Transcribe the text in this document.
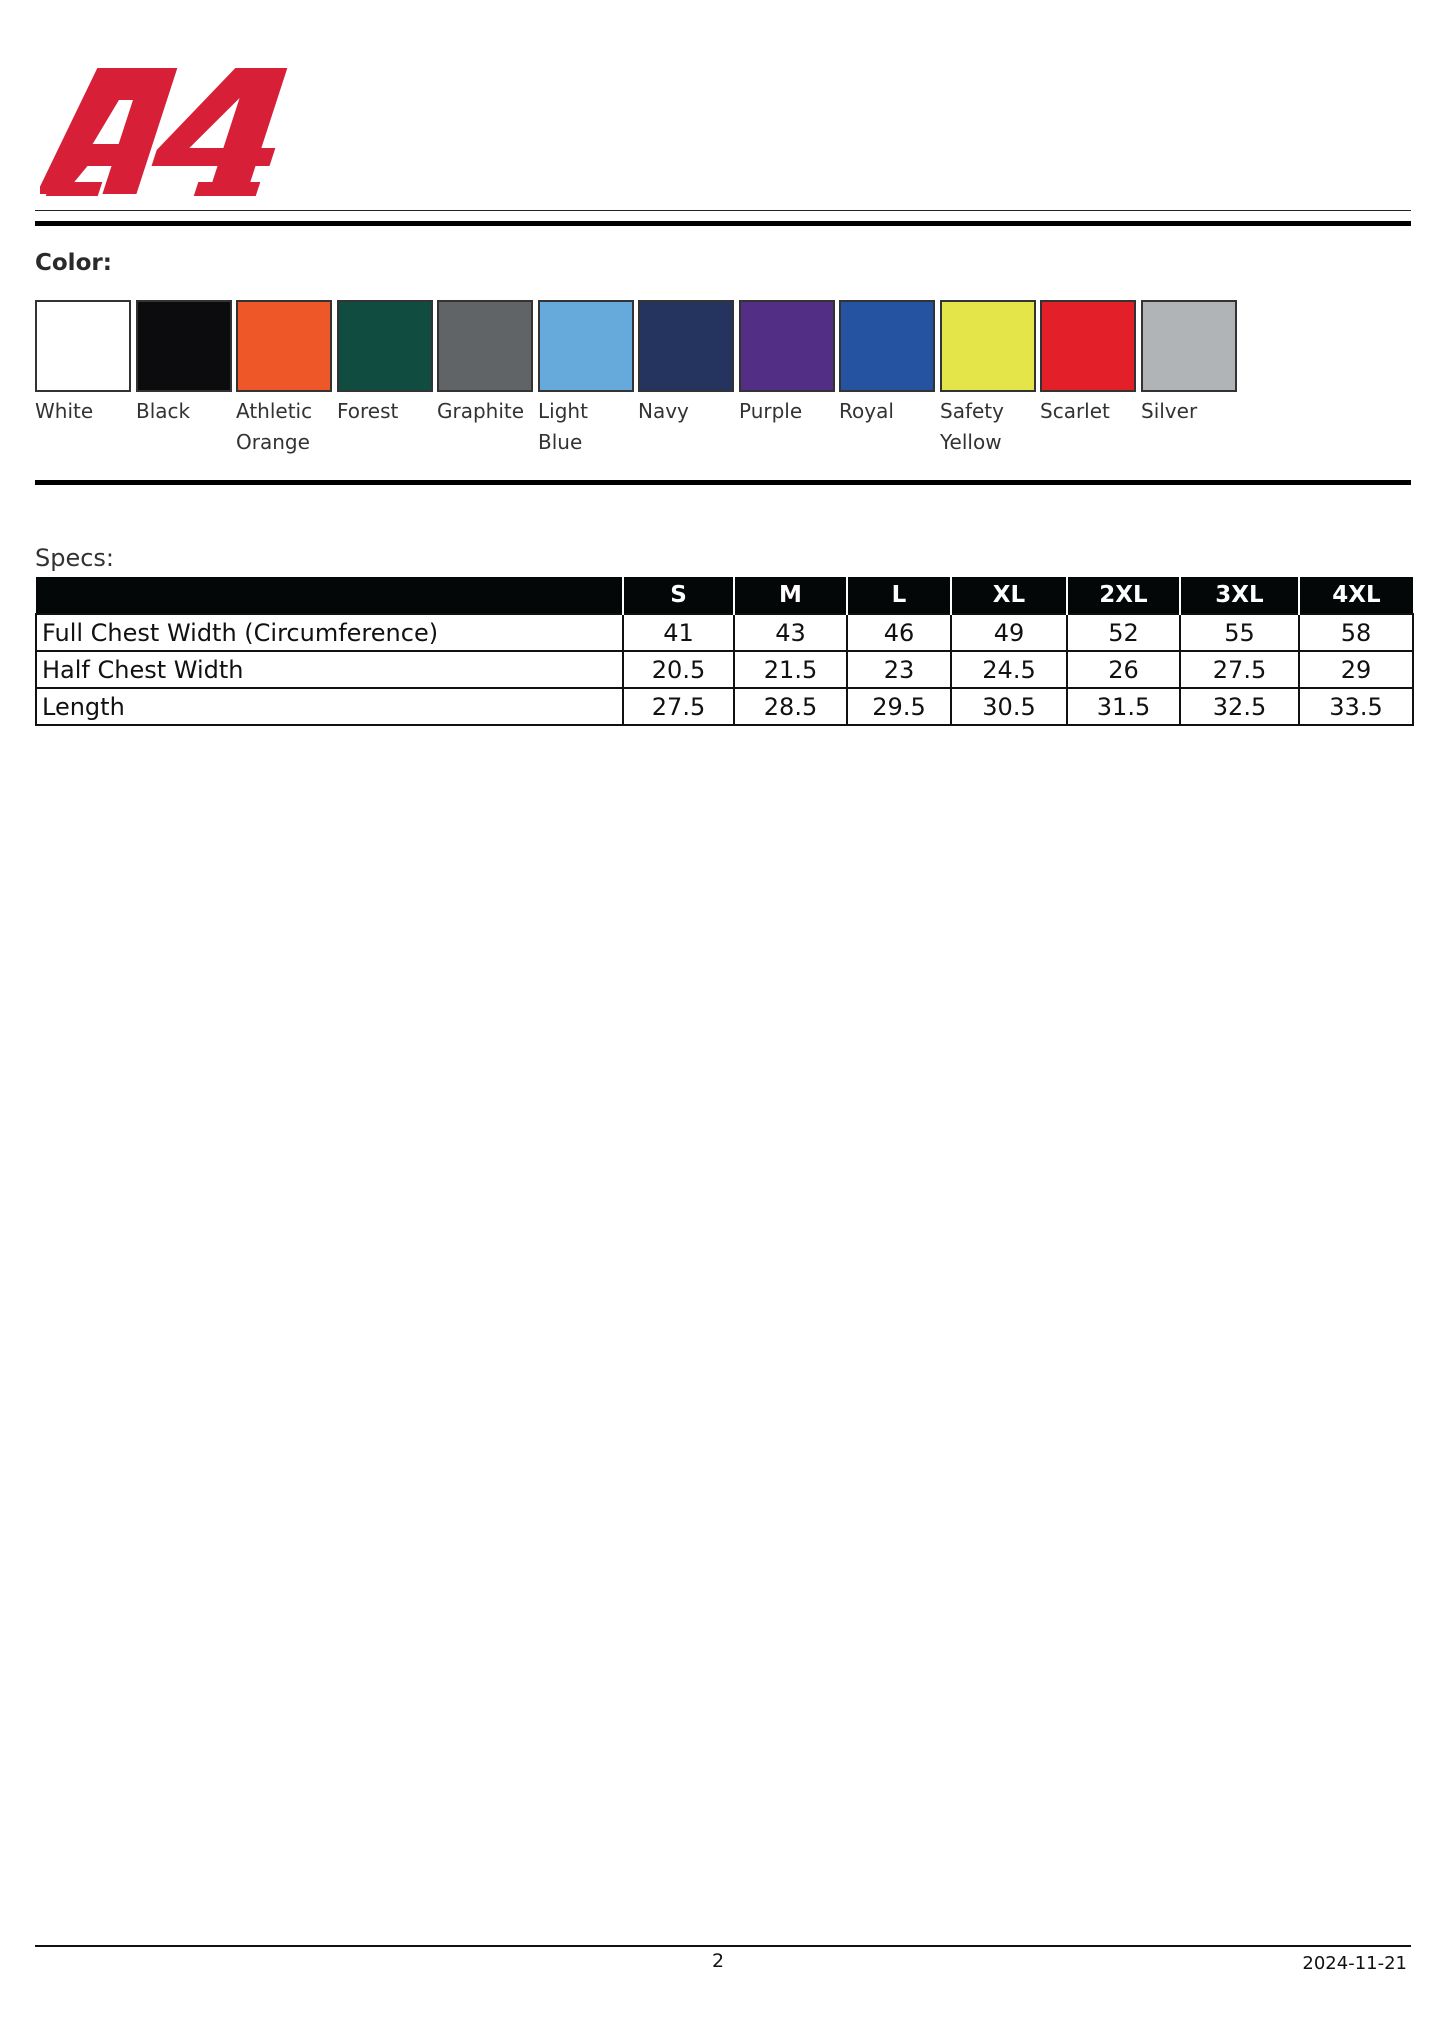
Color:
White	Black	Athletic Orange
Forest	Graphite Light Blue
Navy	Purple	Royal	Safety Yellow
Scarlet	Silver
Specs:
	S	M	L	XL	2XL	3XL	4XL
Full Chest Width (Circumference)	41	43	46	49	52	55	58
Half Chest Width	20.5	21.5	23	24.5	26	27.5	29
Length	27.5	28.5	29.5	30.5	31.5	32.5	33.5
2	2024-11-21
